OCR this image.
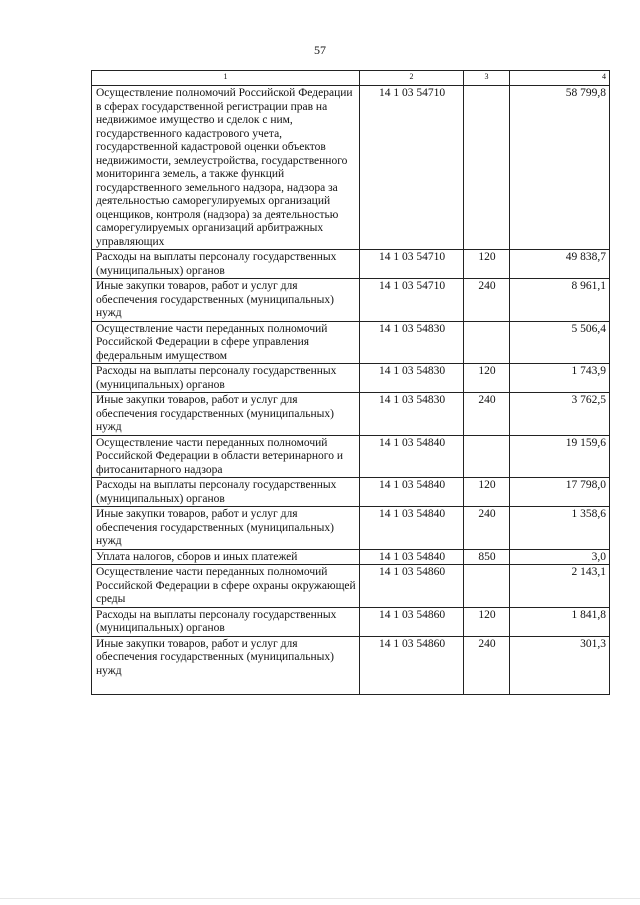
57
1	2	3	4
Осуществление полномочий Российской Федерации в сферах государственной регистрации прав на недвижимое имущество и сделок с ним, государственного кадастрового учета, государственной кадастровой оценки объектов недвижимости, землеустройства, государственного мониторинга земель, а также функций государственного земельного надзора, надзора за деятельностью саморегулируемых организаций оценщиков, контроля (надзора) за деятельностью саморегулируемых организаций арбитражных управляющих	14 1 03 54710		58 799,8
Расходы на выплаты персоналу государственных (муниципальных) органов	14 1 03 54710	120	49 838,7
Иные закупки товаров, работ и услуг для обеспечения государственных (муниципальных) нужд	14 1 03 54710	240	8 961,1
Осуществление части переданных полномочий Российской Федерации в сфере управления федеральным имуществом	14 1 03 54830		5 506,4
Расходы на выплаты персоналу государственных (муниципальных) органов	14 1 03 54830	120	1 743,9
Иные закупки товаров, работ и услуг для обеспечения государственных (муниципальных) нужд	14 1 03 54830	240	3 762,5
Осуществление части переданных полномочий Российской Федерации в области ветеринарного и фитосанитарного надзора	14 1 03 54840		19 159,6
Расходы на выплаты персоналу государственных (муниципальных) органов	14 1 03 54840	120	17 798,0
Иные закупки товаров, работ и услуг для обеспечения государственных (муниципальных) нужд	14 1 03 54840	240	1 358,6
Уплата налогов, сборов и иных платежей	14 1 03 54840	850	3,0
Осуществление части переданных полномочий Российской Федерации в сфере охраны окружающей среды	14 1 03 54860		2 143,1
Расходы на выплаты персоналу государственных (муниципальных) органов	14 1 03 54860	120	1 841,8
Иные закупки товаров, работ и услуг для обеспечения государственных (муниципальных) нужд	14 1 03 54860	240	301,3
